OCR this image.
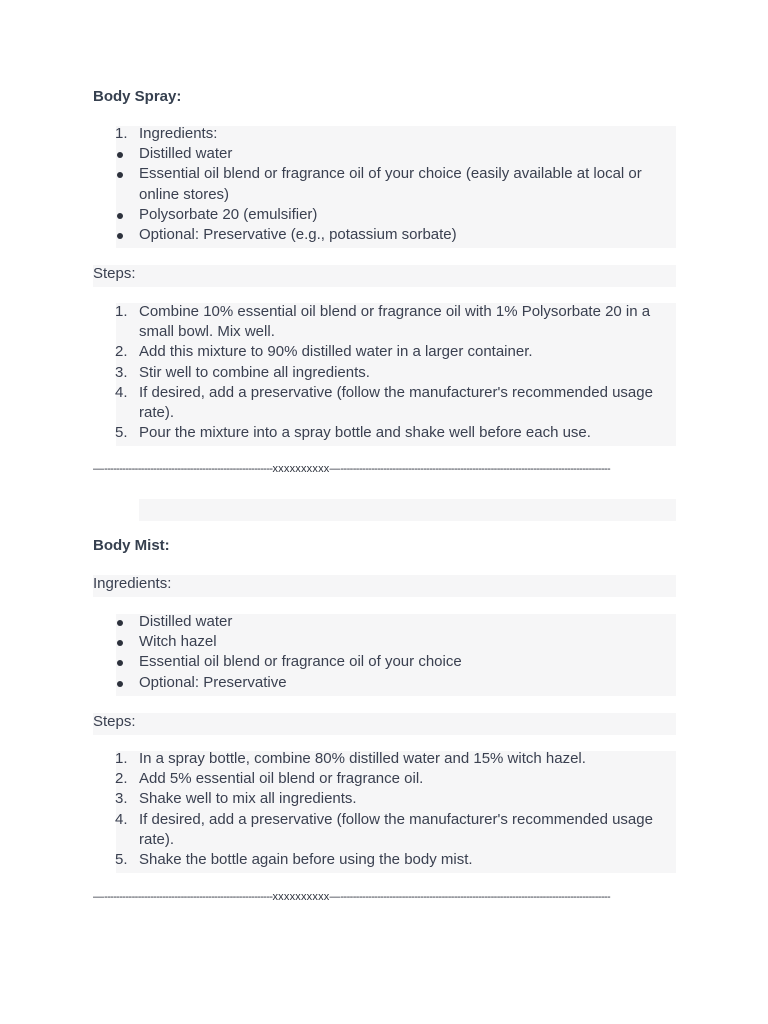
Body Spray:
1. Ingredients:
Distilled water
Essential oil blend or fragrance oil of your choice (easily available at local or online stores)
Polysorbate 20 (emulsifier)
Optional: Preservative (e.g., potassium sorbate)
Steps:
1. Combine 10% essential oil blend or fragrance oil with 1% Polysorbate 20 in a small bowl. Mix well.
2. Add this mixture to 90% distilled water in a larger container.
3. Stir well to combine all ingredients.
4. If desired, add a preservative (follow the manufacturer's recommended usage rate).
5. Pour the mixture into a spray bottle and shake well before each use.
—-------------------------------------------------------xxxxxxxxxx—----------------------------------------------------------------------------------------
Body Mist:
Ingredients:
Distilled water
Witch hazel
Essential oil blend or fragrance oil of your choice
Optional: Preservative
Steps:
1. In a spray bottle, combine 80% distilled water and 15% witch hazel.
2. Add 5% essential oil blend or fragrance oil.
3. Shake well to mix all ingredients.
4. If desired, add a preservative (follow the manufacturer's recommended usage rate).
5. Shake the bottle again before using the body mist.
—-------------------------------------------------------xxxxxxxxxx—----------------------------------------------------------------------------------------
